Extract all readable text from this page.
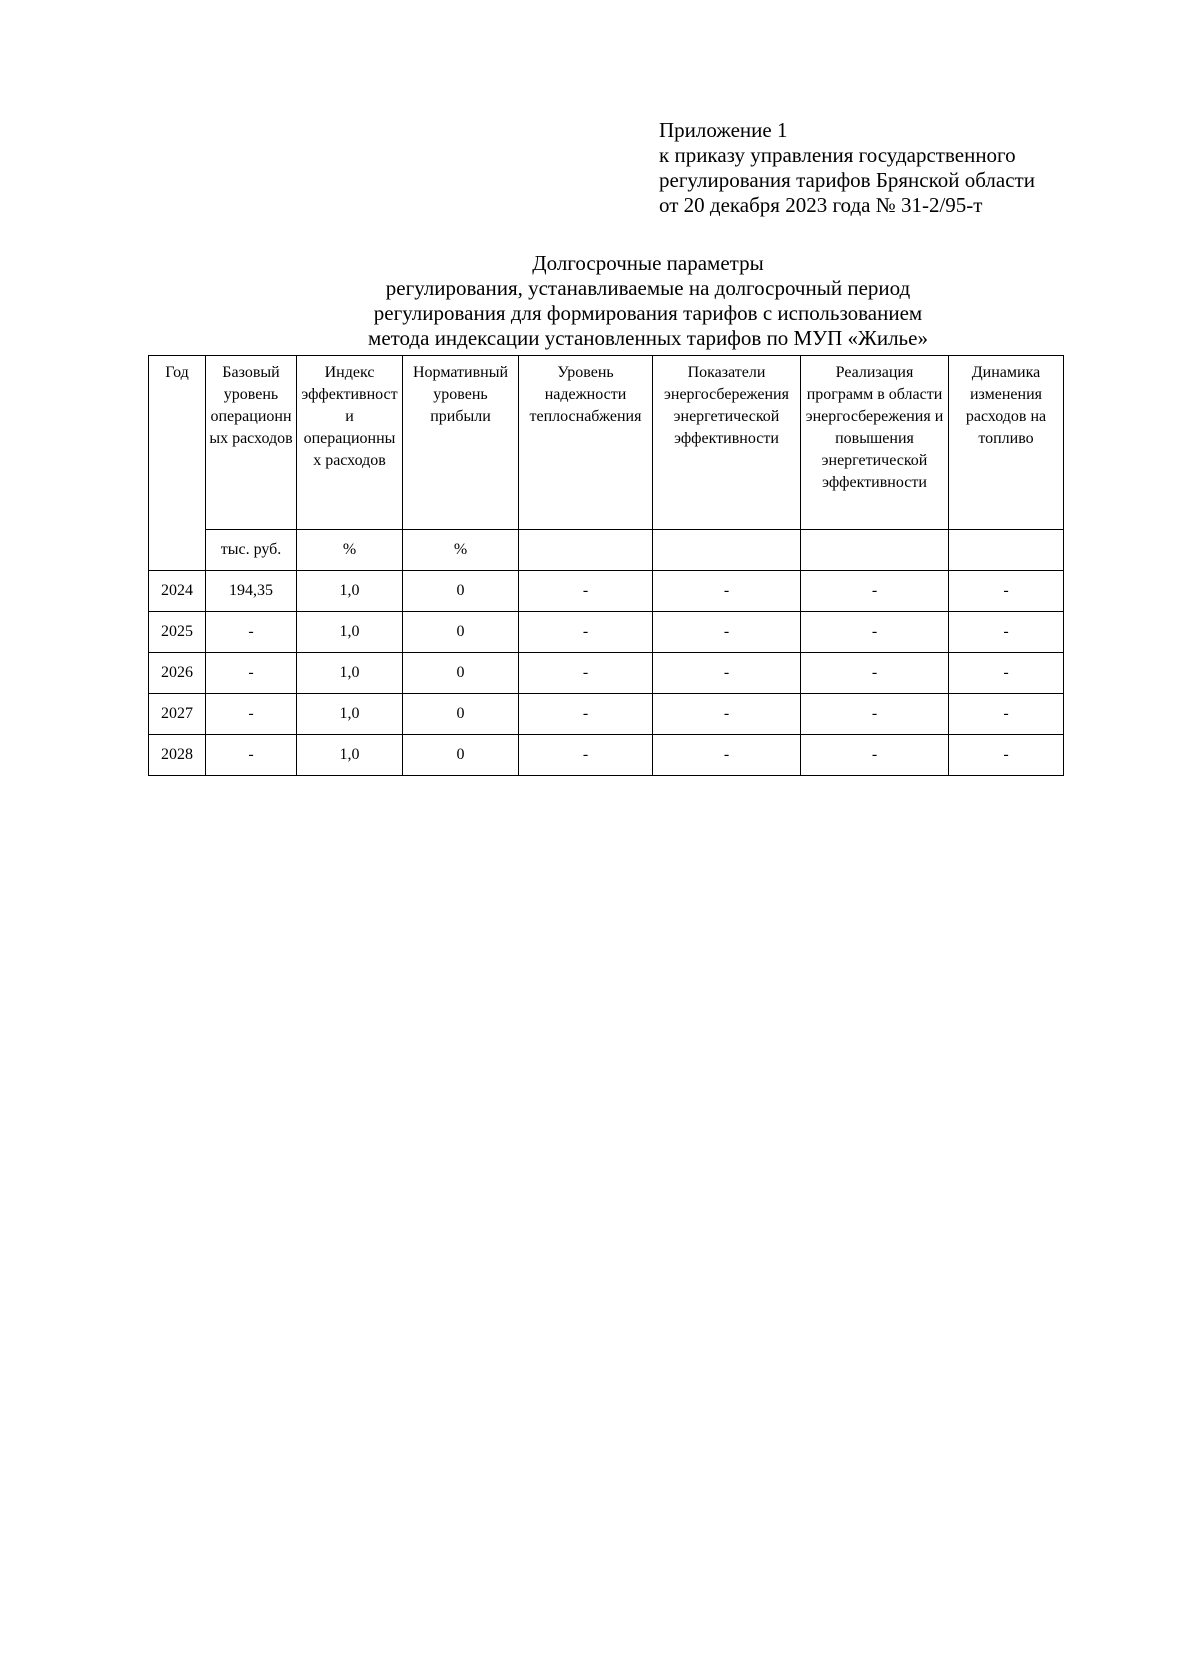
Приложение 1
к приказу управления государственного
регулирования тарифов Брянской области
от 20 декабря 2023 года № 31-2/95-т
Долгосрочные параметры
регулирования, устанавливаемые на долгосрочный период
регулирования для формирования тарифов с использованием
метода индексации установленных тарифов по МУП «Жилье»
Год	Базовый уровень операционных расходов	Индекс эффективности операционных расходов	Нормативный уровень прибыли	Уровень надежности теплоснабжения	Показатели энергосбережения энергетической эффективности	Реализация программ в области энергосбережения и повышения энергетической эффективности	Динамика изменения расходов на топливо
	тыс. руб.	%	%				
2024	194,35	1,0	0	-	-	-	-
2025	-	1,0	0	-	-	-	-
2026	-	1,0	0	-	-	-	-
2027	-	1,0	0	-	-	-	-
2028	-	1,0	0	-	-	-	-
